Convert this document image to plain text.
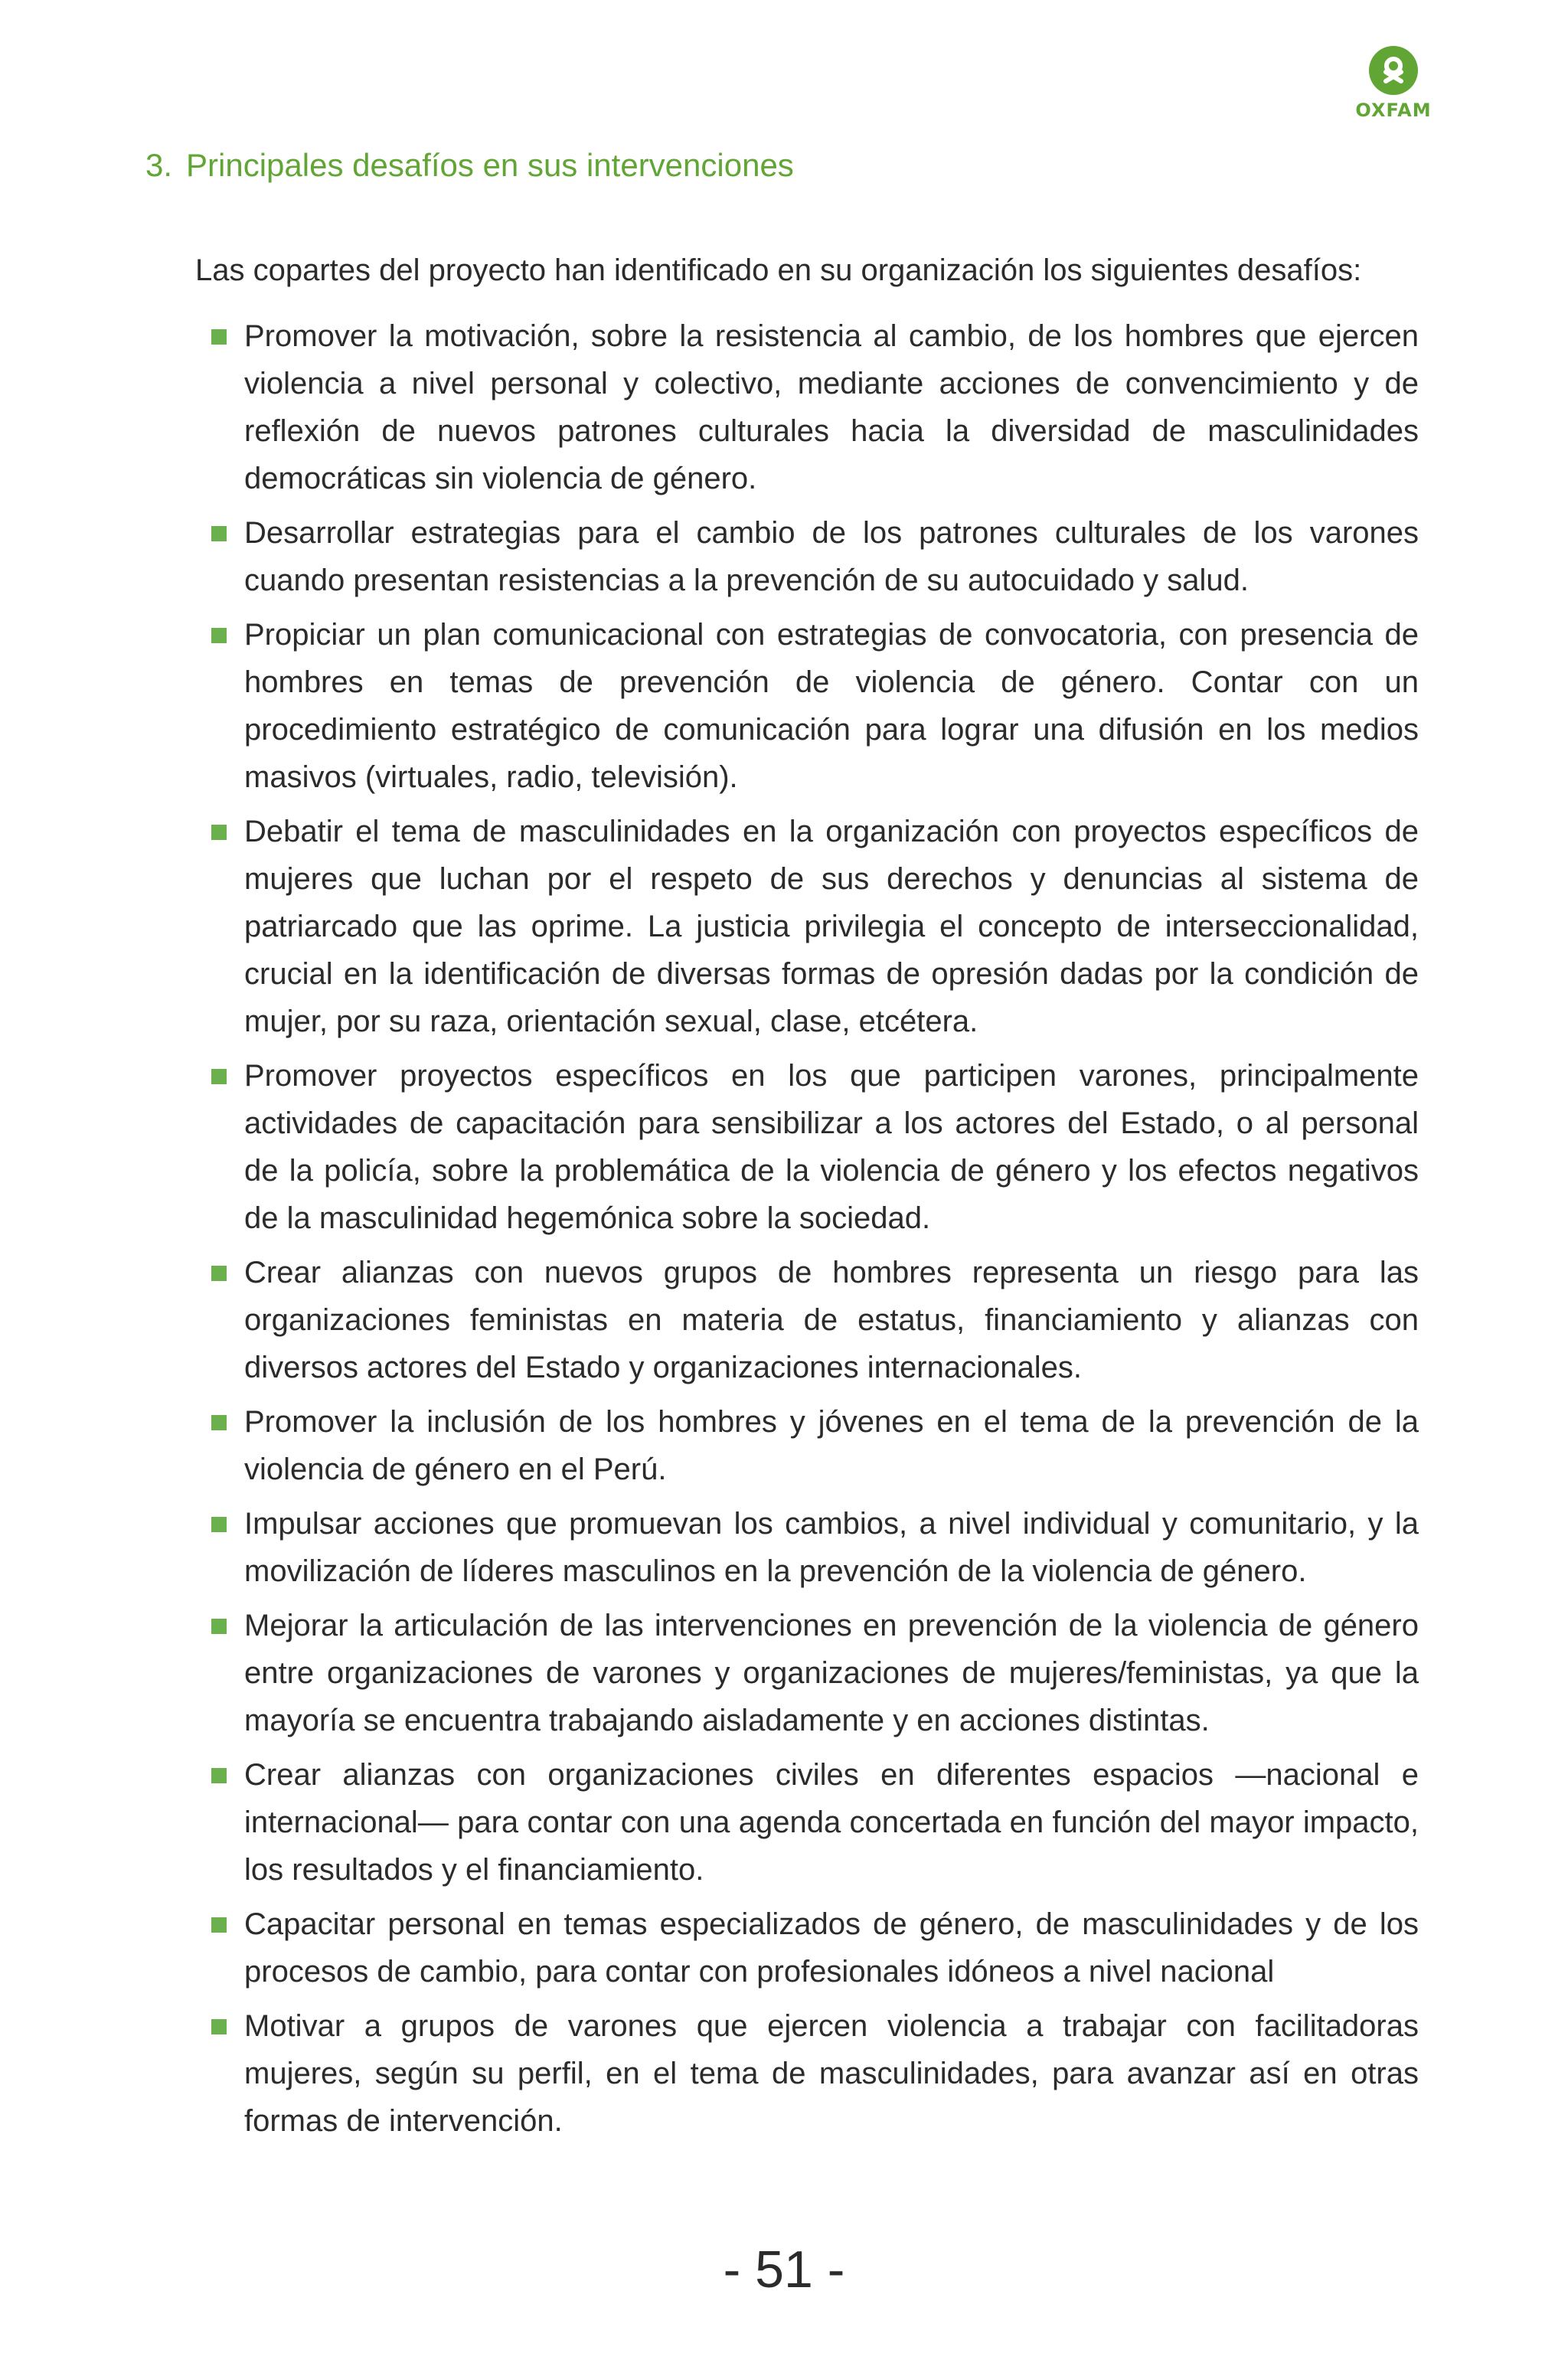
OXFAM
3. Principales desafíos en sus intervenciones

Las copartes del proyecto han identificado en su organización los siguientes desafíos:

Promover la motivación, sobre la resistencia al cambio, de los hombres que ejercen violencia a nivel personal y colectivo, mediante acciones de convencimiento y de reflexión de nuevos patrones culturales hacia la diversidad de masculinidades democráticas sin violencia de género.
Desarrollar estrategias para el cambio de los patrones culturales de los varones cuando presentan resistencias a la prevención de su autocuidado y salud.
Propiciar un plan comunicacional con estrategias de convocatoria, con presencia de hombres en temas de prevención de violencia de género. Contar con un procedimiento estratégico de comunicación para lograr una difusión en los medios masivos (virtuales, radio, televisión).
Debatir el tema de masculinidades en la organización con proyectos específicos de mujeres que luchan por el respeto de sus derechos y denuncias al sistema de patriarcado que las oprime. La justicia privilegia el concepto de interseccionalidad, crucial en la identificación de diversas formas de opresión dadas por la condición de mujer, por su raza, orientación sexual, clase, etcétera.
Promover proyectos específicos en los que participen varones, principalmente actividades de capacitación para sensibilizar a los actores del Estado, o al personal de la policía, sobre la problemática de la violencia de género y los efectos negativos de la masculinidad hegemónica sobre la sociedad.
Crear alianzas con nuevos grupos de hombres representa un riesgo para las organizaciones feministas en materia de estatus, financiamiento y alianzas con diversos actores del Estado y organizaciones internacionales.
Promover la inclusión de los hombres y jóvenes en el tema de la prevención de la violencia de género en el Perú.
Impulsar acciones que promuevan los cambios, a nivel individual y comunitario, y la movilización de líderes masculinos en la prevención de la violencia de género.
Mejorar la articulación de las intervenciones en prevención de la violencia de género entre organizaciones de varones y organizaciones de mujeres/feministas, ya que la mayoría se encuentra trabajando aisladamente y en acciones distintas.
Crear alianzas con organizaciones civiles en diferentes espacios —nacional e internacional— para contar con una agenda concertada en función del mayor impacto, los resultados y el financiamiento.
Capacitar personal en temas especializados de género, de masculinidades y de los procesos de cambio, para contar con profesionales idóneos a nivel nacional
Motivar a grupos de varones que ejercen violencia a trabajar con facilitadoras mujeres, según su perfil, en el tema de masculinidades, para avanzar así en otras formas de intervención.
- 51 -
